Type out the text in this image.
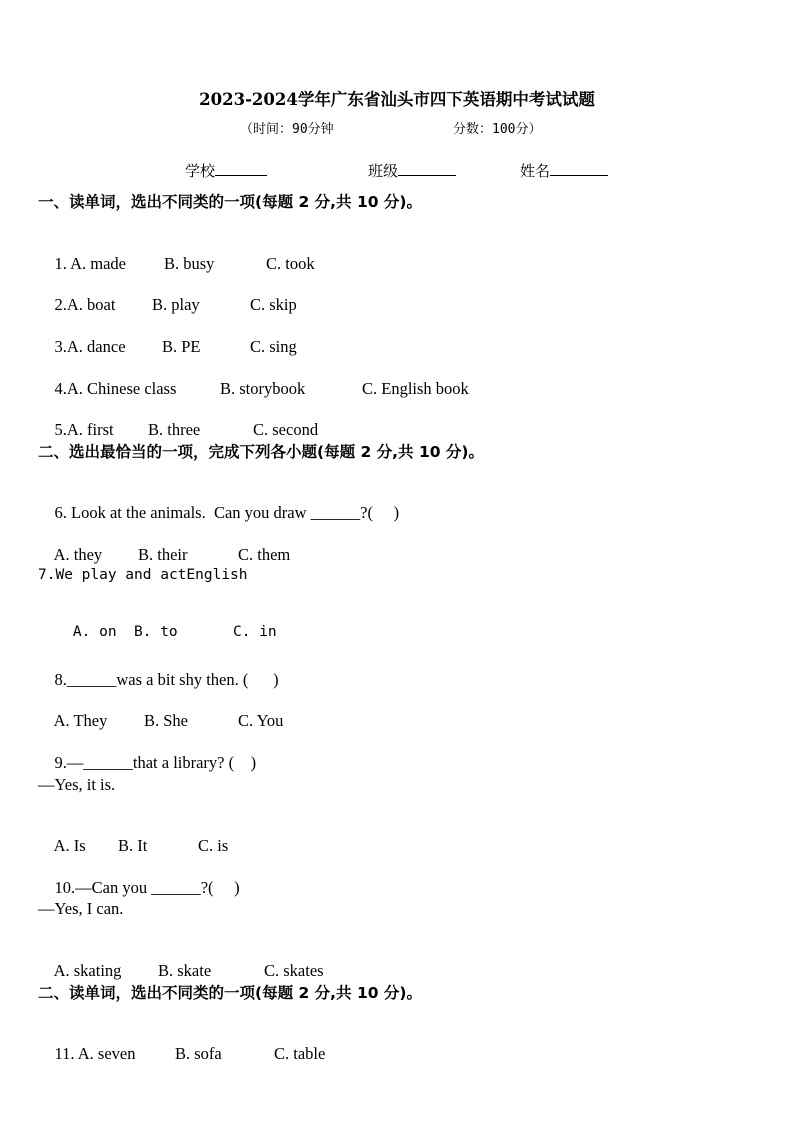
2023-2024学年广东省汕头市四下英语期中考试试题
（时间：90分钟	分数：100分）
学校	班级	姓名
一、读单词，选出不同类的一项(每题 2 分,共 10 分)。

1. A. made B. busy	C. took

2.A. boat B. play	C. skip

3.A. dance B. PE	C. sing

4.A. Chinese class	B. storybook	C. English book

5.A. first B. three	C. second

二、选出最恰当的一项，完成下列各小题(每题 2 分,共 10 分)。

6. Look at the animals.  Can you draw ______?(     )

A. they B. their	C. them

7.We play and actEnglish

A. on B. to	C. in

8.______was a bit shy then. (      )

A. They B. She	C. You

9.—______that a library? (    )

—Yes, it is.

A. Is B. It	C. is

10.—Can you ______?(     )

—Yes, I can.

A. skating B. skate	C. skates

二、读单词，选出不同类的一项(每题 2 分,共 10 分)。

11. A. seven B. sofa	C. table
